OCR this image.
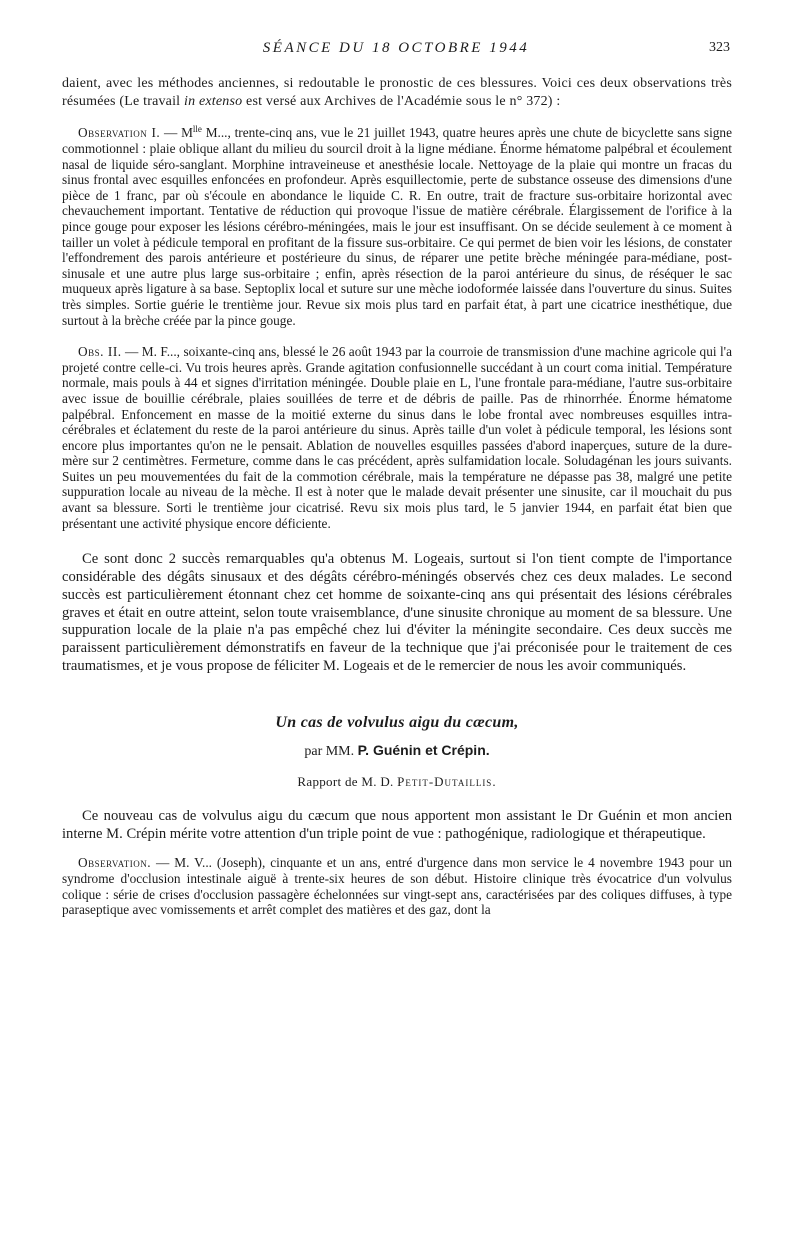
SÉANCE DU 18 OCTOBRE 1944	323

daient, avec les méthodes anciennes, si redoutable le pronostic de ces blessures. Voici ces deux observations très résumées (Le travail in extenso est versé aux Archives de l'Académie sous le n° 372) :

Observation I. — $M^{lle}$ M..., trente-cinq ans, vue le 21 juillet 1943, quatre heures après une chute de bicyclette sans signe commotionnel : plaie oblique allant du milieu du sourcil droit à la ligne médiane. Énorme hématome palpébral et écoulement nasal de liquide séro-sanglant. Morphine intraveineuse et anesthésie locale. Nettoyage de la plaie qui montre un fracas du sinus frontal avec esquilles enfoncées en profondeur. Après esquillectomie, perte de substance osseuse des dimensions d'une pièce de 1 franc, par où s'écoule en abondance le liquide C. R. En outre, trait de fracture sus-orbitaire horizontal avec chevauchement important. Tentative de réduction qui provoque l'issue de matière cérébrale. Élargissement de l'orifice à la pince gouge pour exposer les lésions cérébro-méningées, mais le jour est insuffisant. On se décide seulement à ce moment à tailler un volet à pédicule temporal en profitant de la fissure sus-orbitaire. Ce qui permet de bien voir les lésions, de constater l'effondrement des parois antérieure et postérieure du sinus, de réparer une petite brèche méningée para-médiane, post-sinusale et une autre plus large sus-orbitaire ; enfin, après résection de la paroi antérieure du sinus, de réséquer le sac muqueux après ligature à sa base. Septoplix local et suture sur une mèche iodoformée laissée dans l'ouverture du sinus. Suites très simples. Sortie guérie le trentième jour. Revue six mois plus tard en parfait état, à part une cicatrice inesthétique, due surtout à la brèche créée par la pince gouge.

Obs. II. — M. F..., soixante-cinq ans, blessé le 26 août 1943 par la courroie de transmission d'une machine agricole qui l'a projeté contre celle-ci. Vu trois heures après. Grande agitation confusionnelle succédant à un court coma initial. Température normale, mais pouls à 44 et signes d'irritation méningée. Double plaie en L, l'une frontale para-médiane, l'autre sus-orbitaire avec issue de bouillie cérébrale, plaies souillées de terre et de débris de paille. Pas de rhinorrhée. Énorme hématome palpébral. Enfoncement en masse de la moitié externe du sinus dans le lobe frontal avec nombreuses esquilles intra-cérébrales et éclatement du reste de la paroi antérieure du sinus. Après taille d'un volet à pédicule temporal, les lésions sont encore plus importantes qu'on ne le pensait. Ablation de nouvelles esquilles passées d'abord inaperçues, suture de la dure-mère sur 2 centimètres. Fermeture, comme dans le cas précédent, après sulfamidation locale. Soludagénan les jours suivants. Suites un peu mouvementées du fait de la commotion cérébrale, mais la température ne dépasse pas 38, malgré une petite suppuration locale au niveau de la mèche. Il est à noter que le malade devait présenter une sinusite, car il mouchait du pus avant sa blessure. Sorti le trentième jour cicatrisé. Revu six mois plus tard, le 5 janvier 1944, en parfait état bien que présentant une activité physique encore déficiente.

Ce sont donc 2 succès remarquables qu'a obtenus M. Logeais, surtout si l'on tient compte de l'importance considérable des dégâts sinusaux et des dégâts cérébro-méningés observés chez ces deux malades. Le second succès est particulièrement étonnant chez cet homme de soixante-cinq ans qui présentait des lésions cérébrales graves et était en outre atteint, selon toute vraisemblance, d'une sinusite chronique au moment de sa blessure. Une suppuration locale de la plaie n'a pas empêché chez lui d'éviter la méningite secondaire. Ces deux succès me paraissent particulièrement démonstratifs en faveur de la technique que j'ai préconisée pour le traitement de ces traumatismes, et je vous propose de féliciter M. Logeais et de le remercier de nous les avoir communiqués.

Un cas de volvulus aigu du cæcum,
par MM. P. Guénin et Crépin.
Rapport de M. D. Petit-Dutaillis.

Ce nouveau cas de volvulus aigu du cæcum que nous apportent mon assistant le Dr Guénin et mon ancien interne M. Crépin mérite votre attention d'un triple point de vue : pathogénique, radiologique et thérapeutique.

Observation. — M. V... (Joseph), cinquante et un ans, entré d'urgence dans mon service le 4 novembre 1943 pour un syndrome d'occlusion intestinale aiguë à trente-six heures de son début. Histoire clinique très évocatrice d'un volvulus colique : série de crises d'occlusion passagère échelonnées sur vingt-sept ans, caractérisées par des coliques diffuses, à type paraseptique avec vomissements et arrêt complet des matières et des gaz, dont la
